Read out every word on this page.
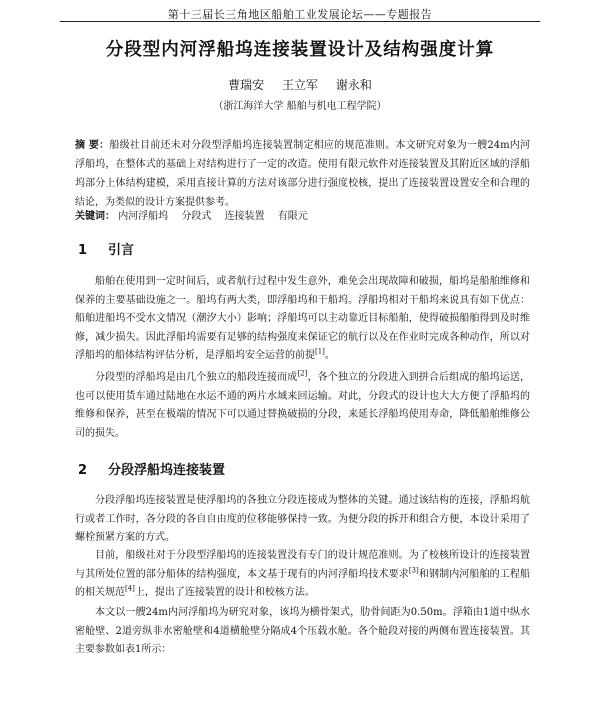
第十三届长三角地区船舶工业发展论坛——专题报告
分段型内河浮船坞连接装置设计及结构强度计算
曹瑞安 王立军 谢永和
（浙江海洋大学 船舶与机电工程学院）
摘 要：船级社目前还未对分段型浮船坞连接装置制定相应的规范准则。本文研究对象为一艘24m内河浮船坞，在整体式的基础上对结构进行了一定的改造。使用有限元软件对连接装置及其附近区域的浮船坞部分上体结构建模，采用直接计算的方法对该部分进行强度校核，提出了连接装置设置安全和合理的结论，为类似的设计方案提供参考。
关键词： 内河浮船坞 分段式 连接装置 有限元
1 引言

船舶在使用到一定时间后，或者航行过程中发生意外，难免会出现故障和破损，船坞是船舶维修和保养的主要基础设施之一。船坞有两大类，即浮船坞和干船坞。浮船坞相对干船坞来说具有如下优点：船舶进船坞不受水文情况（潮汐大小）影响；浮船坞可以主动靠近目标船舶，使得破损船舶得到及时维修，减少损失。因此浮船坞需要有足够的结构强度来保证它的航行以及在作业时完成各种动作，所以对浮船坞的船体结构评估分析，是浮船坞安全运营的前提[1]。

分段型的浮船坞是由几个独立的船段连接而成[2]，各个独立的分段进入到拼合后组成的船坞运送，也可以使用货车通过陆地在水运不通的两片水域来回运输。对此，分段式的设计也大大方便了浮船坞的维修和保养，甚至在极端的情况下可以通过替换破损的分段，来延长浮船坞使用寿命，降低船舶维修公司的损失。

2 分段浮船坞连接装置

分段浮船坞连接装置是使浮船坞的各独立分段连接成为整体的关键。通过该结构的连接，浮船坞航行或者工作时，各分段的各自自由度的位移能够保持一致。为便分段的拆开和组合方便，本设计采用了螺栓预紧方案的方式。

目前，船级社对于分段型浮船坞的连接装置没有专门的设计规范准则。为了校核所设计的连接装置与其所处位置的部分船体的结构强度，本文基于现有的内河浮船坞技术要求[3]和钢制内河船舶的工程船的相关规范[4]上，提出了连接装置的设计和校核方法。

本文以一艘24m内河浮船坞为研究对象，该坞为横骨架式，肋骨间距为0.50m。浮箱由1道中纵水密舱壁、2道旁纵非水密舱壁和4道横舱壁分隔成4个压载水舱。各个舱段对接的两侧布置连接装置。其主要参数如表1所示：
